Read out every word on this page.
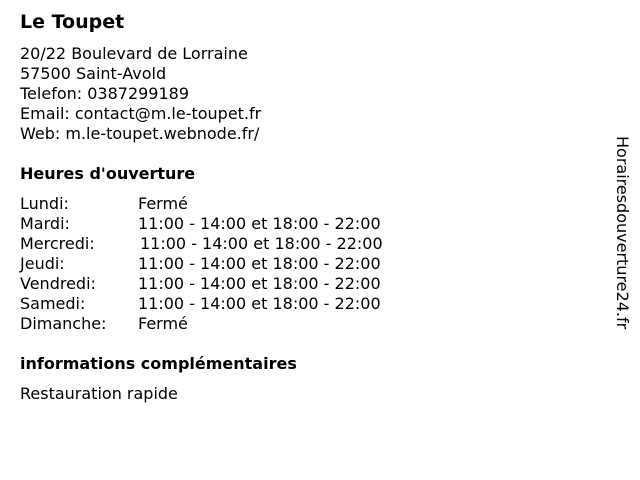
Le Toupet
20/22 Boulevard de Lorraine
57500 Saint-Avold
Telefon: 0387299189
Email: contact@m.le-toupet.fr
Web: m.le-toupet.webnode.fr/
Heures d'ouverture
Lundi:	Fermé
Mardi:	11:00 - 14:00 et 18:00 - 22:00
Mercredi:	11:00 - 14:00 et 18:00 - 22:00
Jeudi:	11:00 - 14:00 et 18:00 - 22:00
Vendredi:	11:00 - 14:00 et 18:00 - 22:00
Samedi:	11:00 - 14:00 et 18:00 - 22:00
Dimanche:	Fermé
informations complémentaires
Restauration rapide
Horairesdouverture24.fr
